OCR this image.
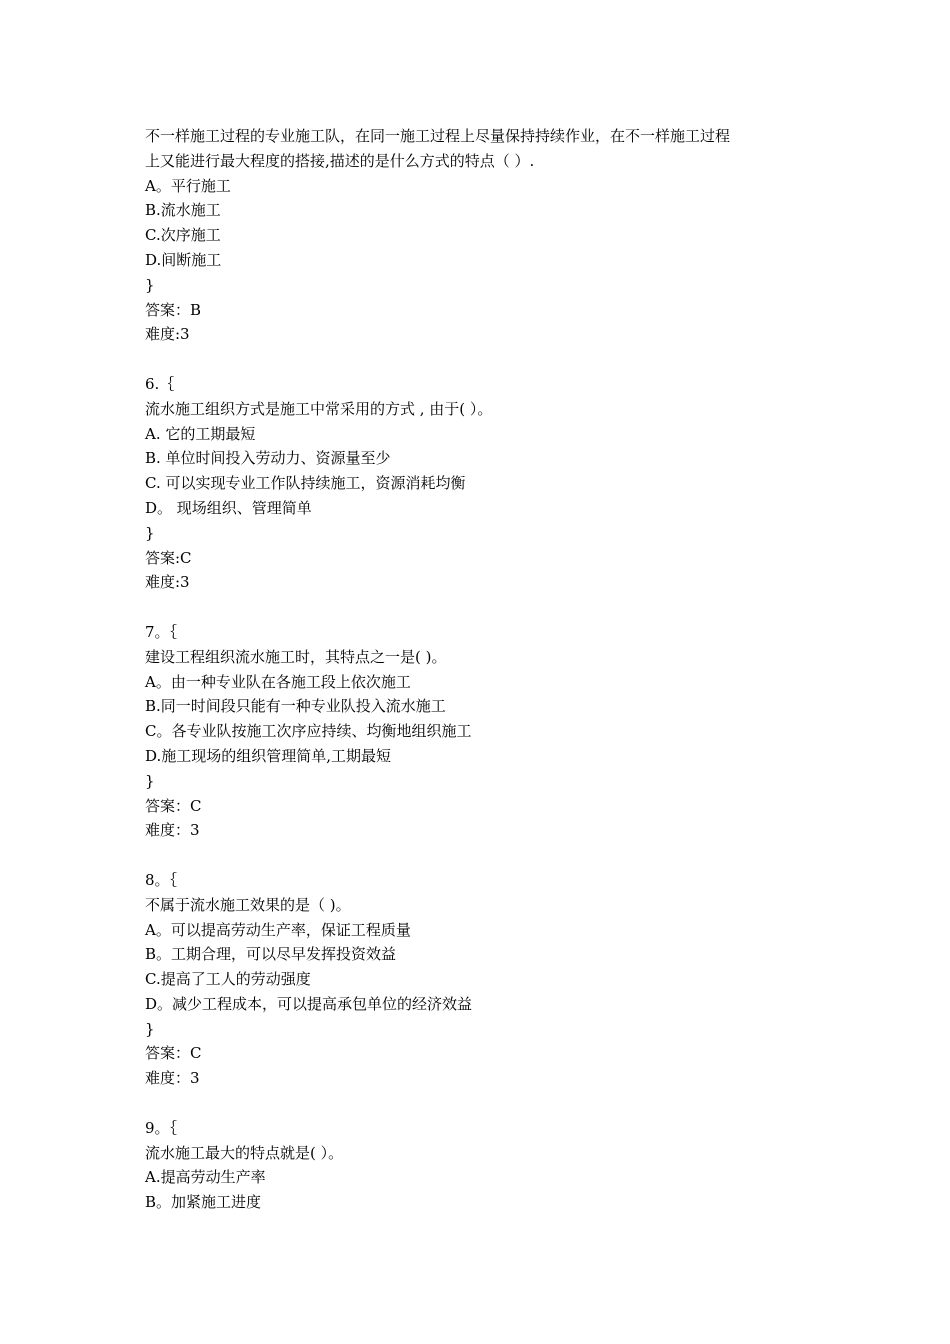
不一样施工过程的专业施工队，在同一施工过程上尽量保持持续作业，在不一样施工过程
上又能进行最大程度的搭接,描述的是什么方式的特点（ ）.
A。平行施工
B.流水施工
C.次序施工
D.间断施工
}
答案：B
难度:3
6.｛
流水施工组织方式是施工中常采用的方式 , 由于( ）。
A. 它的工期最短
B. 单位时间投入劳动力、资源量至少
C. 可以实现专业工作队持续施工，资源消耗均衡
D。 现场组织、管理简单
}
答案:C
难度:3
7。｛
建设工程组织流水施工时，其特点之一是( )。
A。由一种专业队在各施工段上依次施工
B.同一时间段只能有一种专业队投入流水施工
C。各专业队按施工次序应持续、均衡地组织施工
D.施工现场的组织管理简单,工期最短
}
答案：C
难度：3
8。｛
不属于流水施工效果的是（ )。
A。可以提高劳动生产率，保证工程质量
B。工期合理，可以尽早发挥投资效益
C.提高了工人的劳动强度
D。减少工程成本，可以提高承包单位的经济效益
}
答案：C
难度：3
9。｛
流水施工最大的特点就是( ）。
A.提高劳动生产率
B。加紧施工进度
